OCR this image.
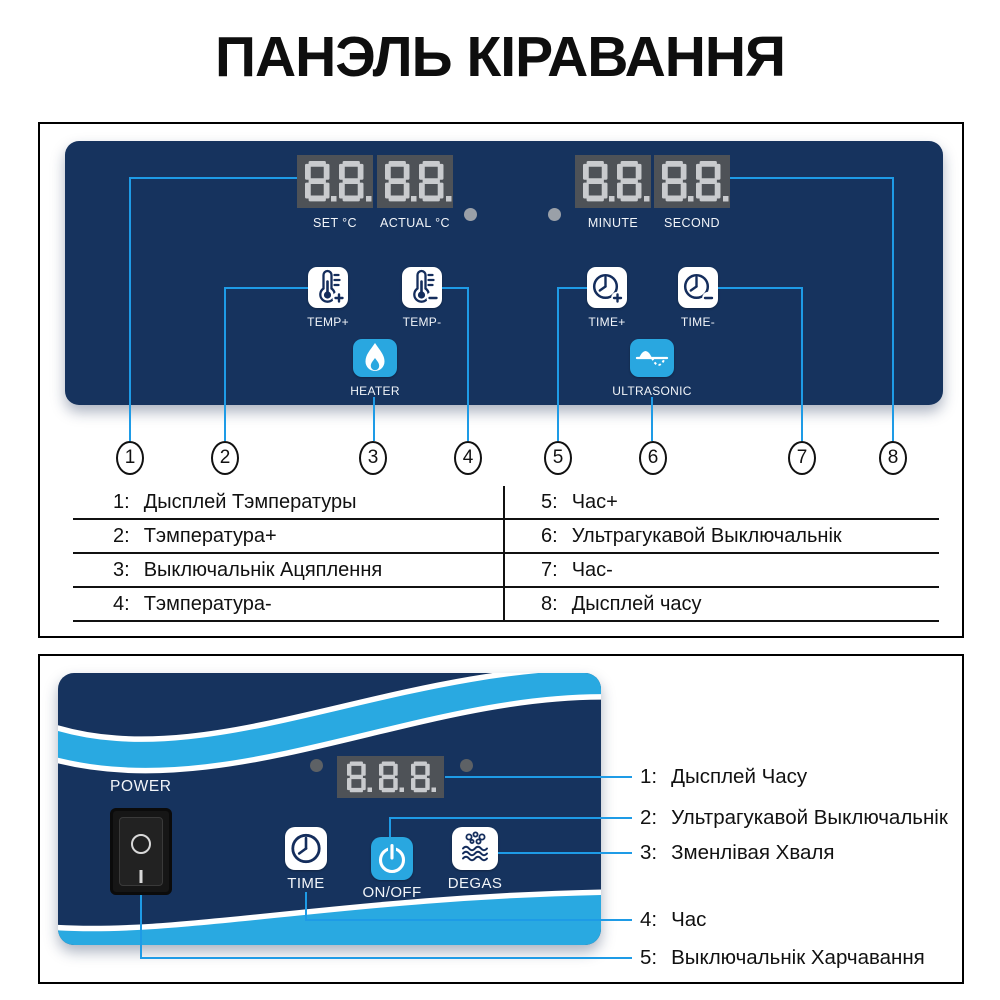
ПАНЭЛЬ КІРАВАННЯ
SET °C	ACTUAL °C	MINUTE	SECOND
TEMP+	TEMP-	TIME+	TIME-
HEATER	ULTRASONIC
1	2	3	4	5	6	7	8
1: Дысплей Тэмпературы	5: Час+
2: Тэмпература+	6: Ультрагукавой Выключальнік
3: Выключальнік Ацяплення	7: Час-
4: Тэмпература-	8: Дысплей часу
POWER
TIME
ON/OFF
DEGAS
1: Дысплей Часу
2: Ультрагукавой Выключальнік
3: Зменлівая Хваля
4: Час
5: Выключальнік Харчавання
